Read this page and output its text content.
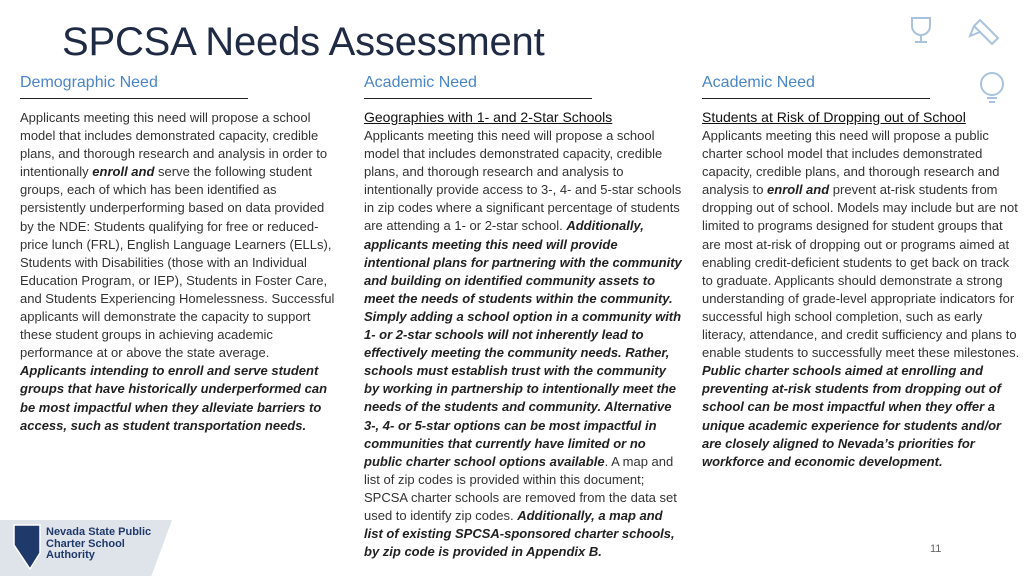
SPCSA Needs Assessment
Demographic Need
Applicants meeting this need will propose a school model that includes demonstrated capacity, credible plans, and thorough research and analysis in order to intentionally enroll and serve the following student groups, each of which has been identified as persistently underperforming based on data provided by the NDE: Students qualifying for free or reduced-price lunch (FRL), English Language Learners (ELLs), Students with Disabilities (those with an Individual Education Program, or IEP), Students in Foster Care, and Students Experiencing Homelessness. Successful applicants will demonstrate the capacity to support these student groups in achieving academic performance at or above the state average. Applicants intending to enroll and serve student groups that have historically underperformed can be most impactful when they alleviate barriers to access, such as student transportation needs.
Academic Need
Geographies with 1- and 2-Star Schools
Applicants meeting this need will propose a school model that includes demonstrated capacity, credible plans, and thorough research and analysis to intentionally provide access to 3-, 4- and 5-star schools in zip codes where a significant percentage of students are attending a 1- or 2-star school. Additionally, applicants meeting this need will provide intentional plans for partnering with the community and building on identified community assets to meet the needs of students within the community. Simply adding a school option in a community with 1- or 2-star schools will not inherently lead to effectively meeting the community needs. Rather, schools must establish trust with the community by working in partnership to intentionally meet the needs of the students and community. Alternative 3-, 4- or 5-star options can be most impactful in communities that currently have limited or no public charter school options available. A map and list of zip codes is provided within this document; SPCSA charter schools are removed from the data set used to identify zip codes. Additionally, a map and list of existing SPCSA-sponsored charter schools, by zip code is provided in Appendix B.
Academic Need
Students at Risk of Dropping out of School
Applicants meeting this need will propose a public charter school model that includes demonstrated capacity, credible plans, and thorough research and analysis to enroll and prevent at-risk students from dropping out of school. Models may include but are not limited to programs designed for student groups that are most at-risk of dropping out or programs aimed at enabling credit-deficient students to get back on track to graduate. Applicants should demonstrate a strong understanding of grade-level appropriate indicators for successful high school completion, such as early literacy, attendance, and credit sufficiency and plans to enable students to successfully meet these milestones. Public charter schools aimed at enrolling and preventing at-risk students from dropping out of school can be most impactful when they offer a unique academic experience for students and/or are closely aligned to Nevada’s priorities for workforce and economic development.
Nevada State Public
Charter School
Authority	11
